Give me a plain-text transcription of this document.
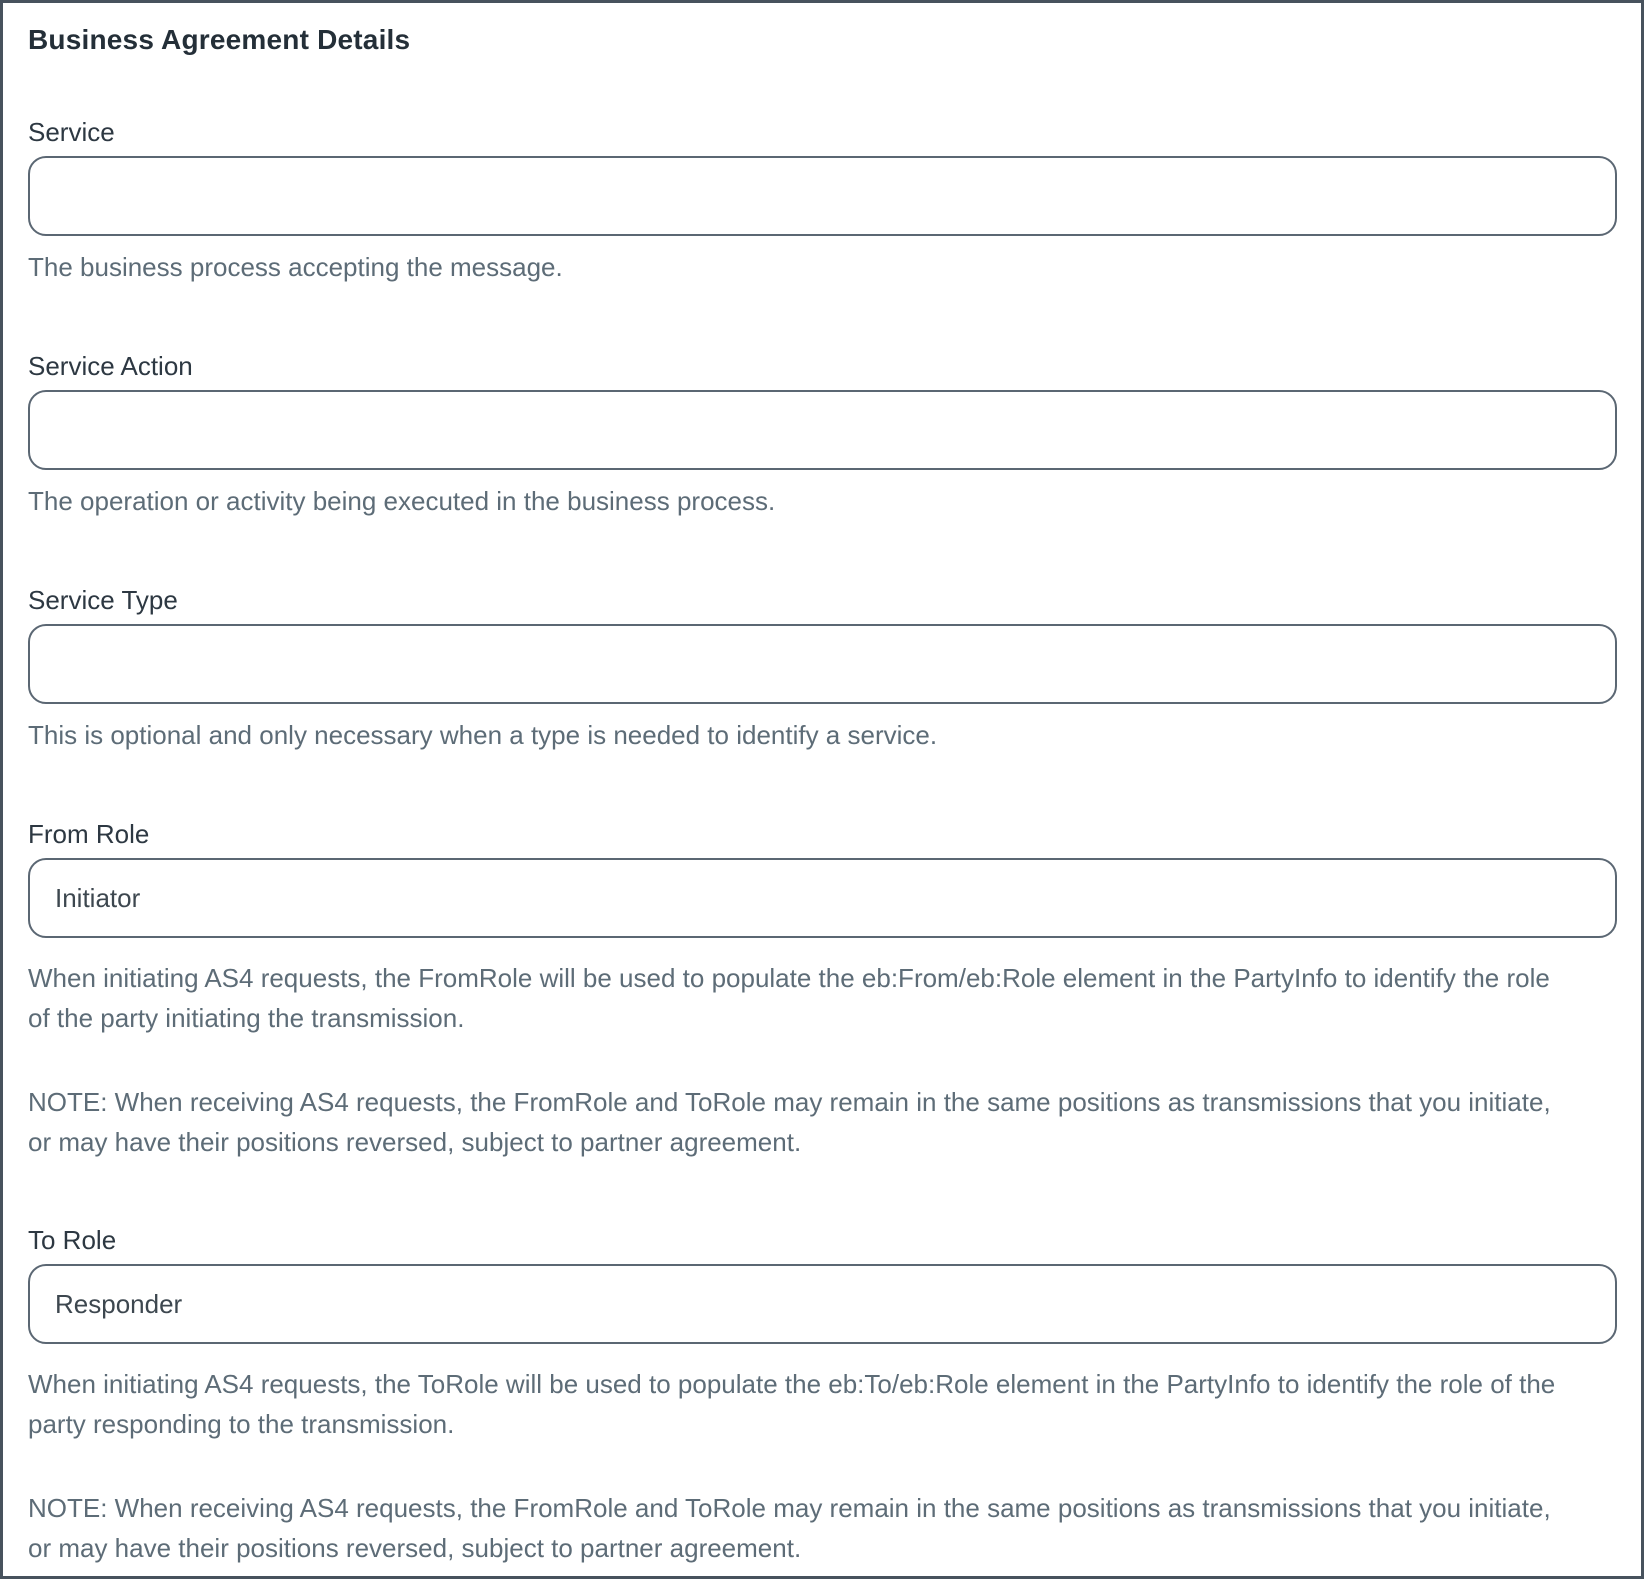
Business Agreement Details
Service
The business process accepting the message.
Service Action
The operation or activity being executed in the business process.
Service Type
This is optional and only necessary when a type is needed to identify a service.
From Role
Initiator

When initiating AS4 requests, the FromRole will be used to populate the eb:From/eb:Role element in the PartyInfo to identify the role of the party initiating the transmission.

NOTE: When receiving AS4 requests, the FromRole and ToRole may remain in the same positions as transmissions that you initiate, or may have their positions reversed, subject to partner agreement.

To Role
Responder

When initiating AS4 requests, the ToRole will be used to populate the eb:To/eb:Role element in the PartyInfo to identify the role of the party responding to the transmission.

NOTE: When receiving AS4 requests, the FromRole and ToRole may remain in the same positions as transmissions that you initiate, or may have their positions reversed, subject to partner agreement.
